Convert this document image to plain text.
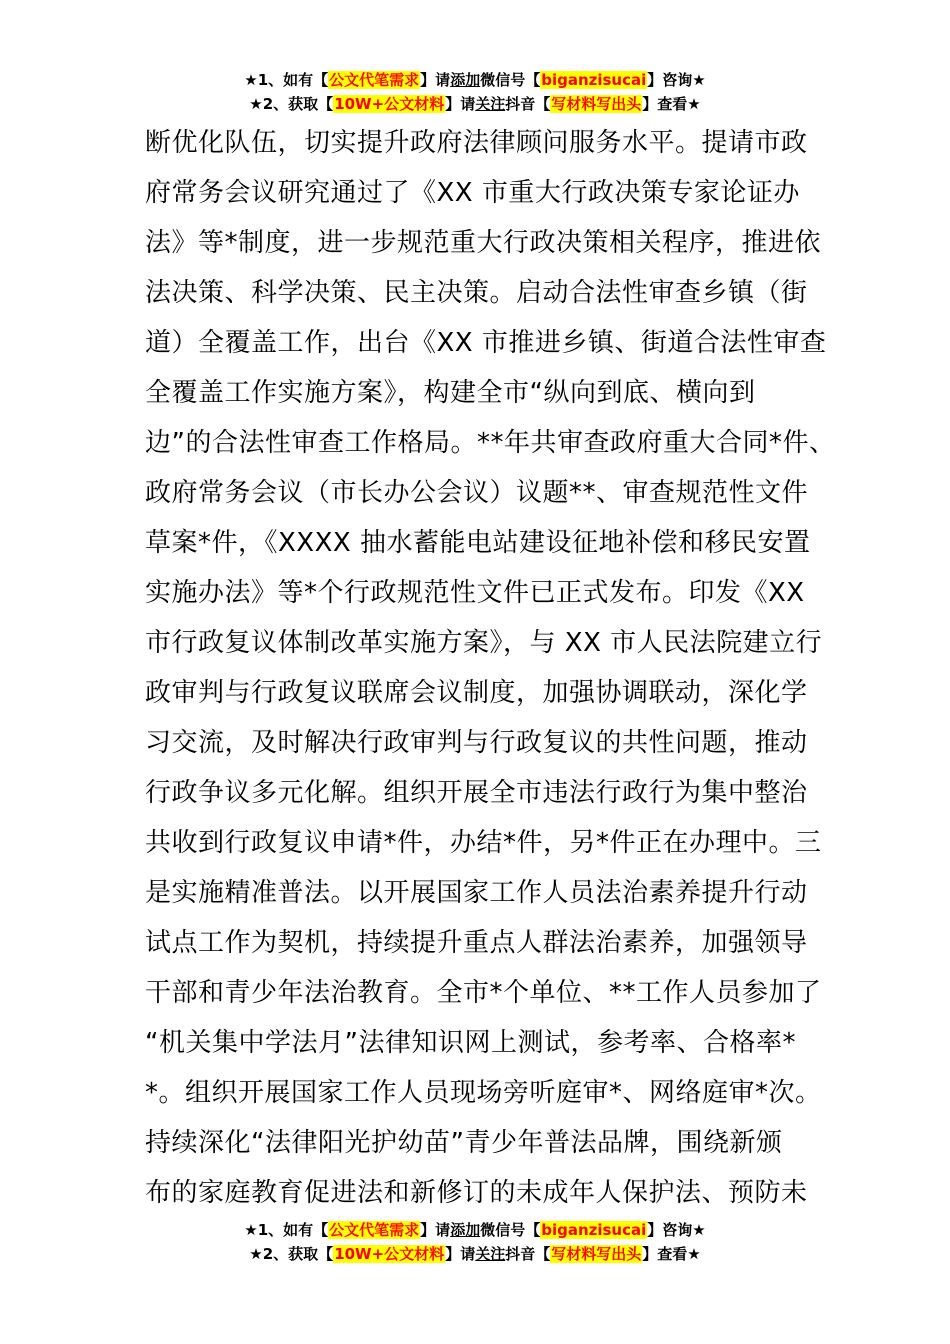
★1、如有【公文代笔需求】请添加微信号【biganzisucai】咨询★
★2、获取【10W+公文材料】请关注抖音【写材料写出头】查看★
断优化队伍，切实提升政府法律顾问服务水平。提请市政
府常务会议研究通过了《XX 市重大行政决策专家论证办
法》等*制度，进一步规范重大行政决策相关程序，推进依
法决策、科学决策、民主决策。启动合法性审查乡镇（街
道）全覆盖工作，出台《XX 市推进乡镇、街道合法性审查
全覆盖工作实施方案》，构建全市“纵向到底、横向到
边”的合法性审查工作格局。**年共审查政府重大合同*件、
政府常务会议（市长办公会议）议题**、审查规范性文件
草案*件，《XXXX 抽水蓄能电站建设征地补偿和移民安置
实施办法》等*个行政规范性文件已正式发布。印发《XX
市行政复议体制改革实施方案》，与 XX 市人民法院建立行
政审判与行政复议联席会议制度，加强协调联动，深化学
习交流，及时解决行政审判与行政复议的共性问题，推动
行政争议多元化解。组织开展全市违法行政行为集中整治
共收到行政复议申请*件，办结*件，另*件正在办理中。三
是实施精准普法。以开展国家工作人员法治素养提升行动
试点工作为契机，持续提升重点人群法治素养，加强领导
干部和青少年法治教育。全市*个单位、**工作人员参加了
“机关集中学法月”法律知识网上测试，参考率、合格率*
*。组织开展国家工作人员现场旁听庭审*、网络庭审*次。
持续深化“法律阳光护幼苗”青少年普法品牌，围绕新颁
布的家庭教育促进法和新修订的未成年人保护法、预防未
★1、如有【公文代笔需求】请添加微信号【biganzisucai】咨询★
★2、获取【10W+公文材料】请关注抖音【写材料写出头】查看★
